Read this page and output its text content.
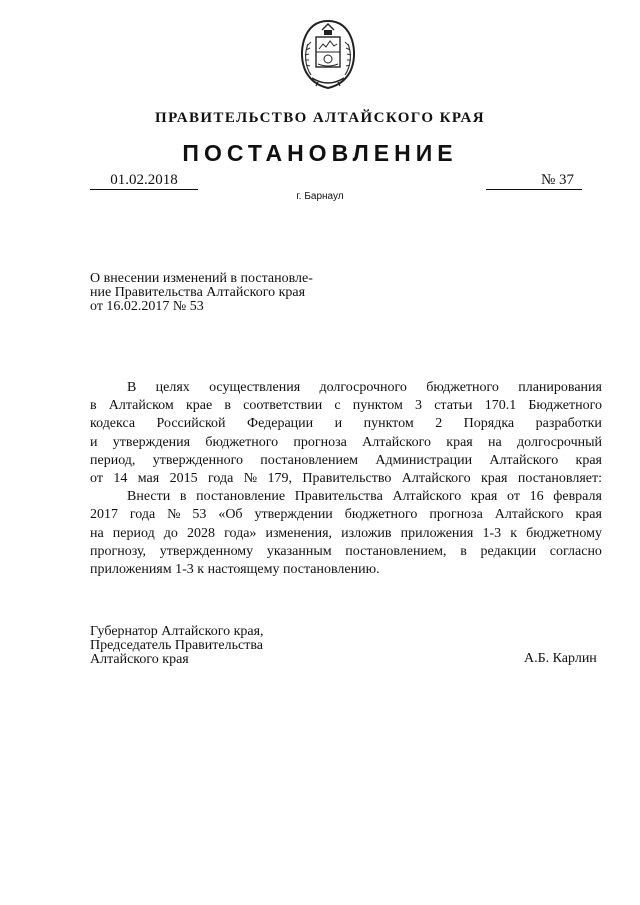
ПРАВИТЕЛЬСТВО АЛТАЙСКОГО КРАЯ
ПОСТАНОВЛЕНИЕ
01.02.2018	№ 37
г. Барнаул
О внесении изменений в постановле-
ние Правительства Алтайского края
от 16.02.2017 № 53
В целях осуществления долгосрочного бюджетного планирования
в Алтайском крае в соответствии с пунктом 3 статьи 170.1 Бюджетного
кодекса Российской Федерации и пунктом 2 Порядка разработки
и утверждения бюджетного прогноза Алтайского края на долгосрочный
период, утвержденного постановлением Администрации Алтайского края
от 14 мая 2015 года № 179, Правительство Алтайского края постановляет:
Внести в постановление Правительства Алтайского края от 16 февраля
2017 года № 53 «Об утверждении бюджетного прогноза Алтайского края
на период до 2028 года» изменения, изложив приложения 1-3 к бюджетному
прогнозу, утвержденному указанным постановлением, в редакции согласно
приложениям 1-3 к настоящему постановлению.
Губернатор Алтайского края,
Председатель Правительства
Алтайского края	А.Б. Карлин
